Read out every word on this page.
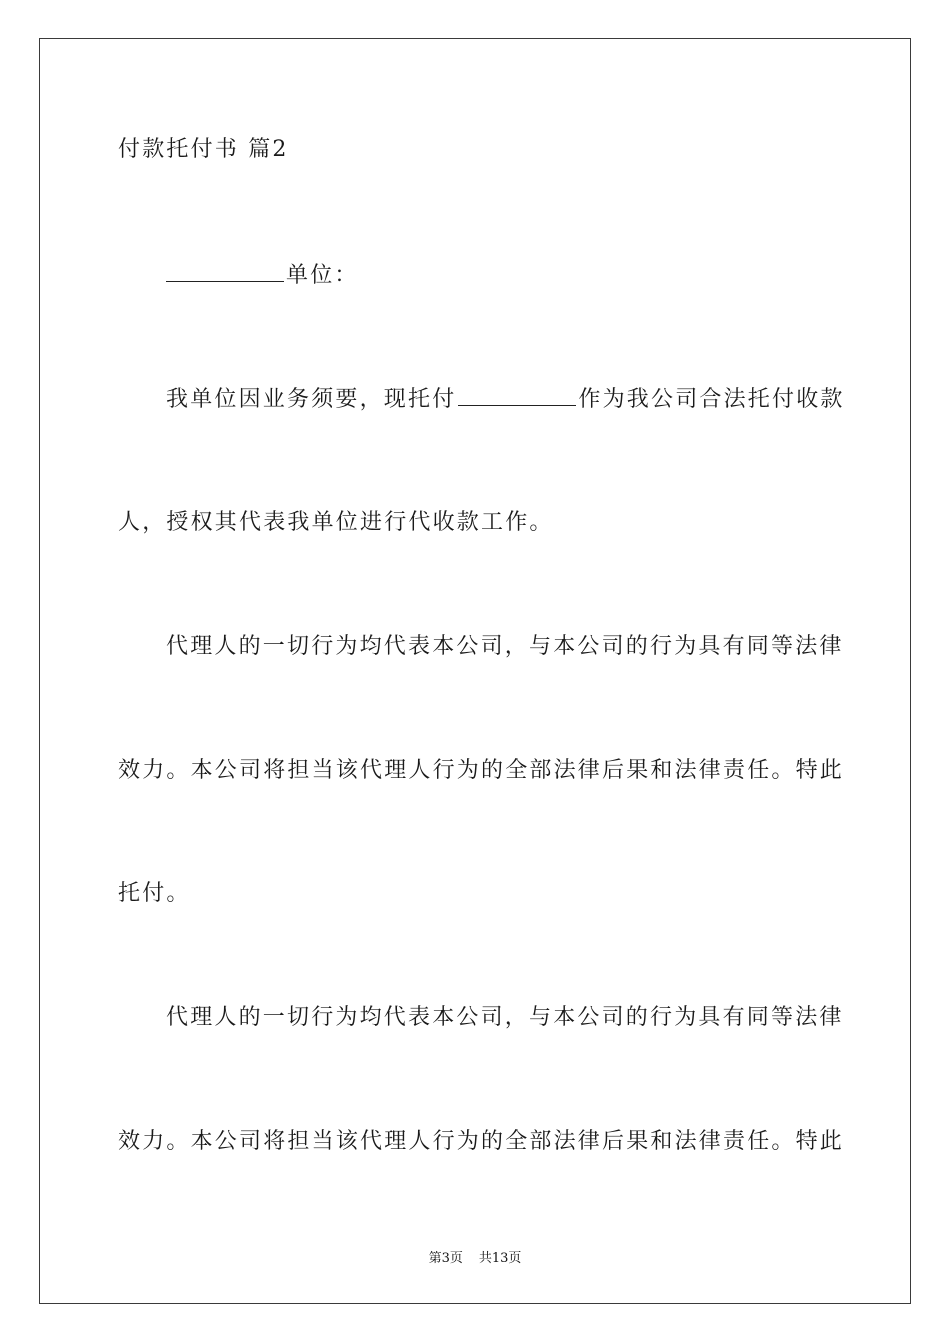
付款托付书 篇2
单位：
我单位因业务须要，现托付	作为我公司合法托付收款
人，授权其代表我单位进行代收款工作。
代理人的一切行为均代表本公司，与本公司的行为具有同等法律
效力。本公司将担当该代理人行为的全部法律后果和法律责任。特此
托付。
代理人的一切行为均代表本公司，与本公司的行为具有同等法律
效力。本公司将担当该代理人行为的全部法律后果和法律责任。特此
第3页 共13页
